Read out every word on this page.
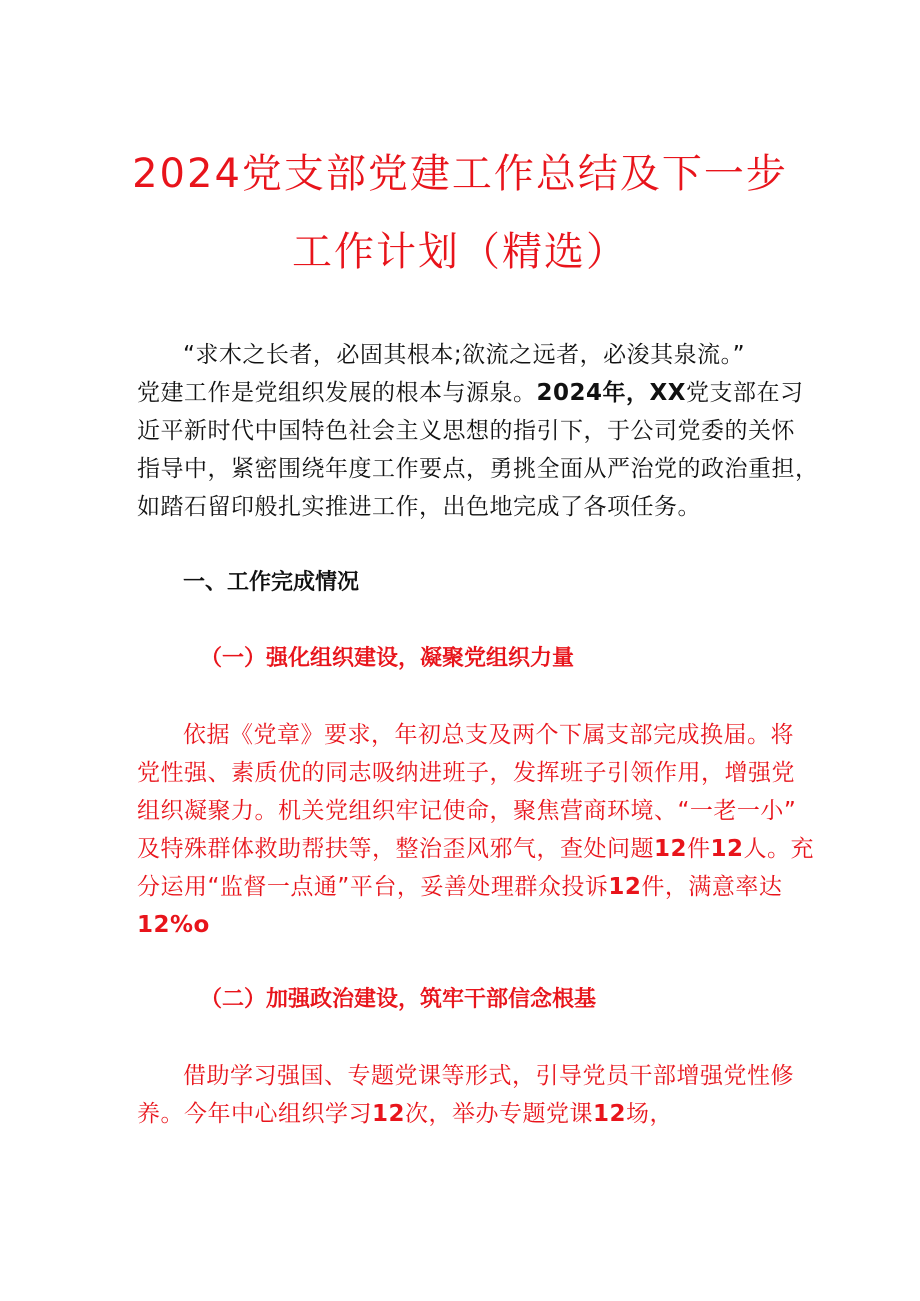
2024党支部党建工作总结及下一步
工作计划（精选）
“求木之长者，必固其根本;欲流之远者，必浚其泉流。”
党建工作是党组织发展的根本与源泉。2024年，XX党支部在习
近平新时代中国特色社会主义思想的指引下，于公司党委的关怀
指导中，紧密围绕年度工作要点，勇挑全面从严治党的政治重担，
如踏石留印般扎实推进工作，出色地完成了各项任务。
一、工作完成情况
（一）强化组织建设，凝聚党组织力量
依据《党章》要求，年初总支及两个下属支部完成换届。将
党性强、素质优的同志吸纳进班子，发挥班子引领作用，增强党
组织凝聚力。机关党组织牢记使命，聚焦营商环境、“一老一小”
及特殊群体救助帮扶等，整治歪风邪气，查处问题12件12人。充
分运用“监督一点通”平台，妥善处理群众投诉12件，满意率达
12%o
（二）加强政治建设，筑牢干部信念根基
借助学习强国、专题党课等形式，引导党员干部增强党性修
养。今年中心组织学习12次，举办专题党课12场，
